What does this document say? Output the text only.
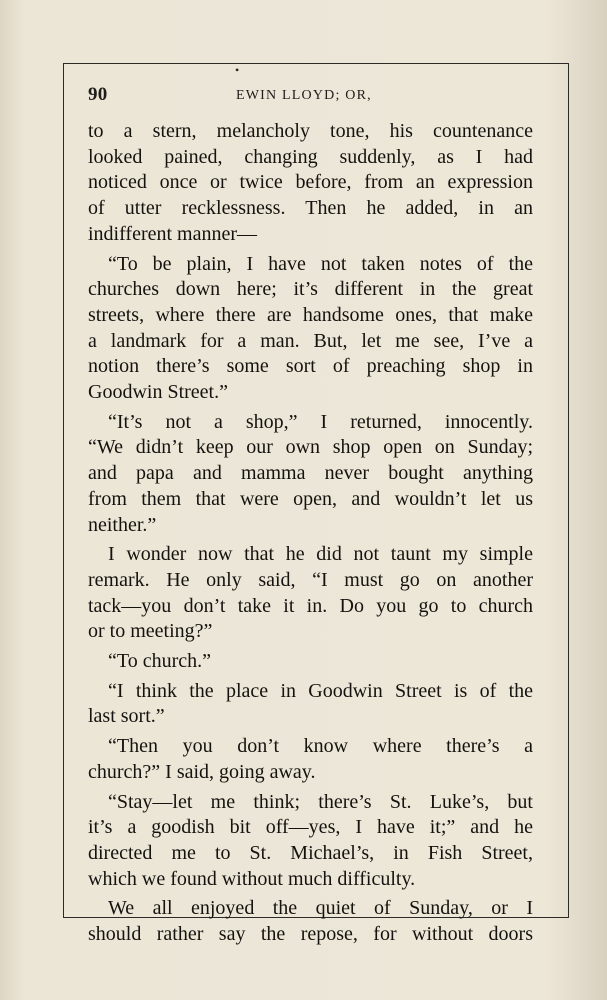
•
90	EWIN LLOYD; OR,
to a stern, melancholy tone, his countenance
looked pained, changing suddenly, as I had
noticed once or twice before, from an expression
of utter recklessness. Then he added, in an
indifferent manner—
“To be plain, I have not taken notes of the
churches down here; it’s different in the great
streets, where there are handsome ones, that make
a landmark for a man. But, let me see, I’ve a
notion there’s some sort of preaching shop in
Goodwin Street.”
“It’s not a shop,” I returned, innocently.
“We didn’t keep our own shop open on Sunday;
and papa and mamma never bought anything
from them that were open, and wouldn’t let us
neither.”
I wonder now that he did not taunt my simple
remark. He only said, “I must go on another
tack—you don’t take it in. Do you go to church
or to meeting?”
“To church.”
“I think the place in Goodwin Street is of the
last sort.”
“Then you don’t know where there’s a
church?” I said, going away.
“Stay—let me think; there’s St. Luke’s, but
it’s a goodish bit off—yes, I have it;” and he
directed me to St. Michael’s, in Fish Street,
which we found without much difficulty.
We all enjoyed the quiet of Sunday, or I
should rather say the repose, for without doors
